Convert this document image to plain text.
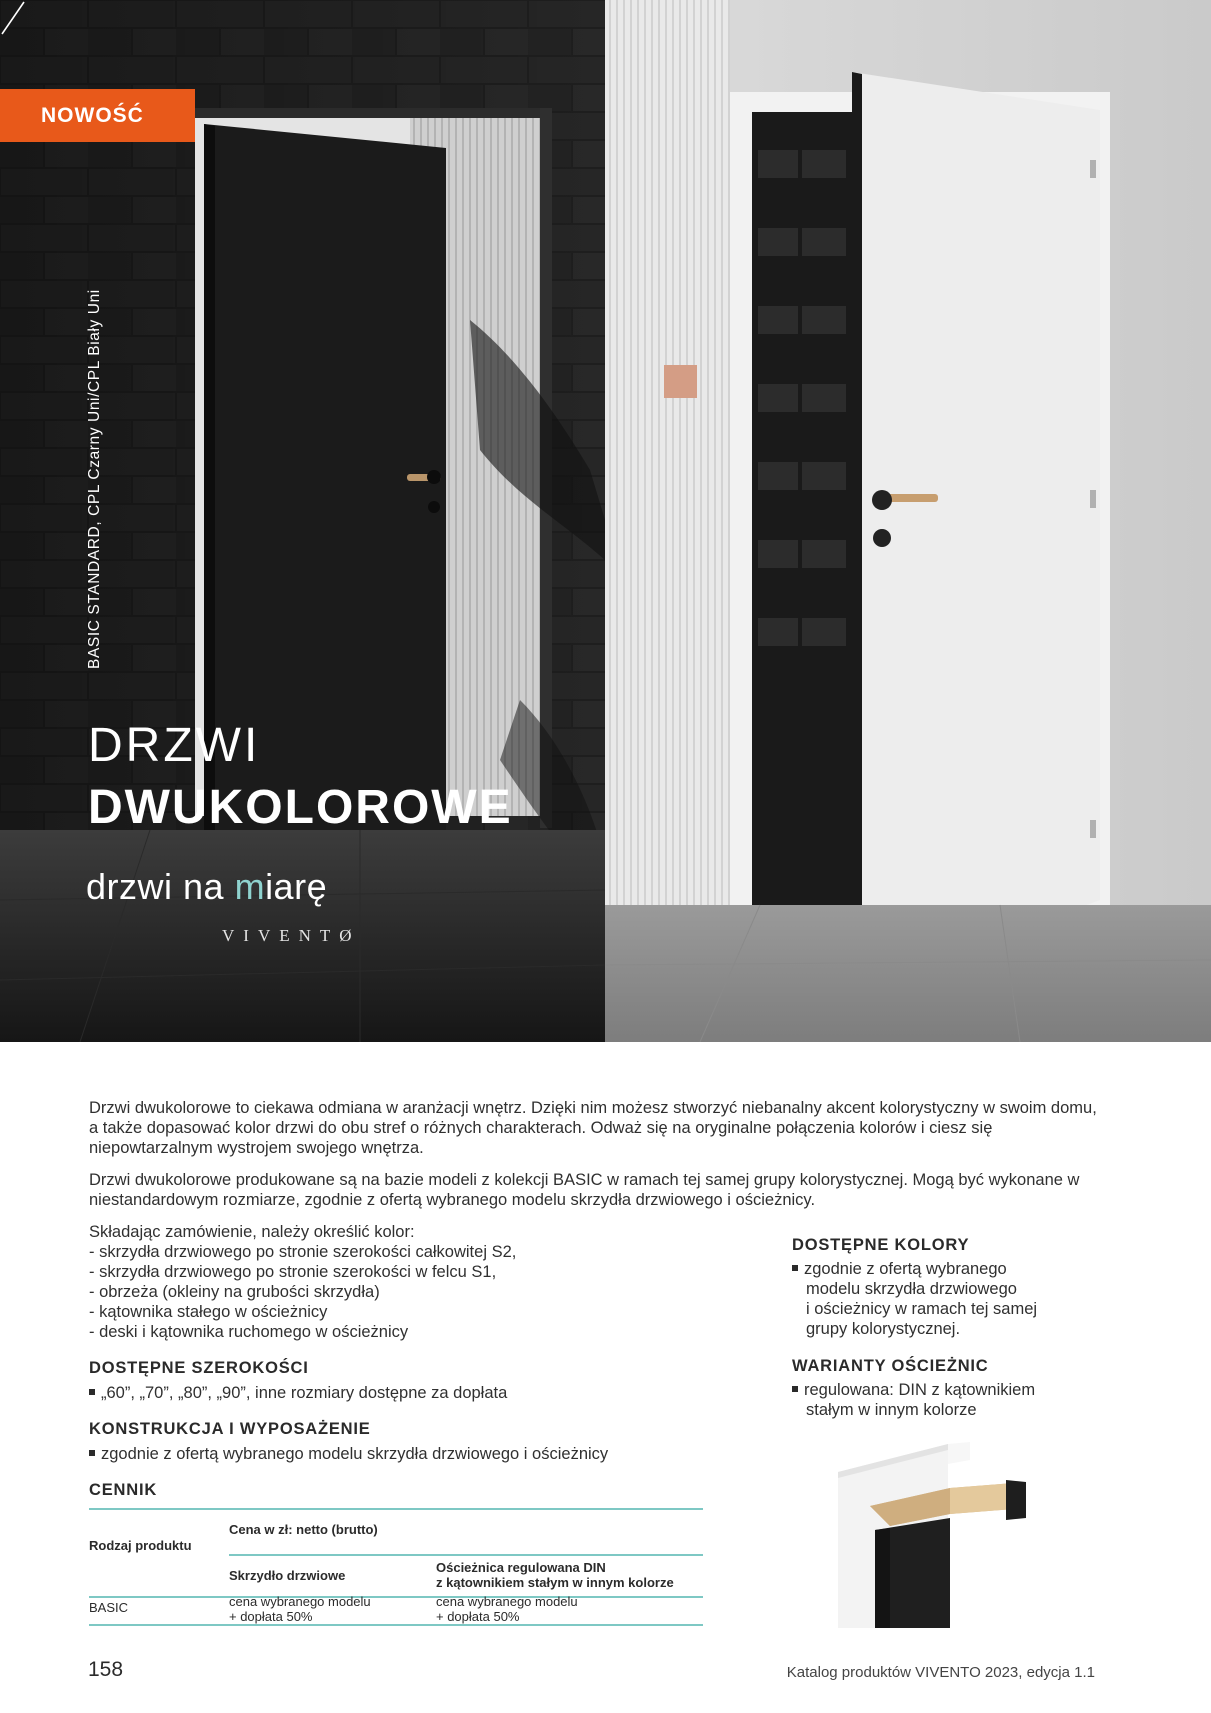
NOWOŚĆ
BASIC STANDARD, CPL Czarny Uni/CPL Biały Uni
DRZWI
DWUKOLOROWE
drzwi na miarę
VIVENTØ

Drzwi dwukolorowe to ciekawa odmiana w aranżacji wnętrz. Dzięki nim możesz stworzyć niebanalny akcent kolorystyczny w swoim domu, a także dopasować kolor drzwi do obu stref o różnych charakterach. Odważ się na oryginalne połączenia kolorów i ciesz się niepowtarzalnym wystrojem swojego wnętrza.

Drzwi dwukolorowe produkowane są na bazie modeli z kolekcji BASIC w ramach tej samej grupy kolorystycznej. Mogą być wykonane w niestandardowym rozmiarze, zgodnie z ofertą wybranego modelu skrzydła drzwiowego i ościeżnicy.

Składając zamówienie, należy określić kolor:
- skrzydła drzwiowego po stronie szerokości całkowitej S2,
- skrzydła drzwiowego po stronie szerokości w felcu S1,
- obrzeża (okleiny na grubości skrzydła)
- kątownika stałego w ościeżnicy
- deski i kątownika ruchomego w ościeżnicy
DOSTĘPNE SZEROKOŚCI
„60”, „70”, „80”, „90”, inne rozmiary dostępne za dopłata
KONSTRUKCJA I WYPOSAŻENIE
zgodnie z ofertą wybranego modelu skrzydła drzwiowego i ościeżnicy
CENNIK
DOSTĘPNE KOLORY
zgodnie z ofertą wybranego
modelu skrzydła drzwiowego
i ościeżnicy w ramach tej samej
grupy kolorystycznej.
WARIANTY OŚCIEŻNIC
regulowana: DIN z kątownikiem
stałym w innym kolorze
Cena w zł: netto (brutto)
Rodzaj produktu
Skrzydło drzwiowe
Ościeżnica regulowana DIN
z kątownikiem stałym w innym kolorze
BASIC	cena wybranego modelu
+ dopłata 50%
cena wybranego modelu
+ dopłata 50%
158	Katalog produktów VIVENTO 2023, edycja 1.1
